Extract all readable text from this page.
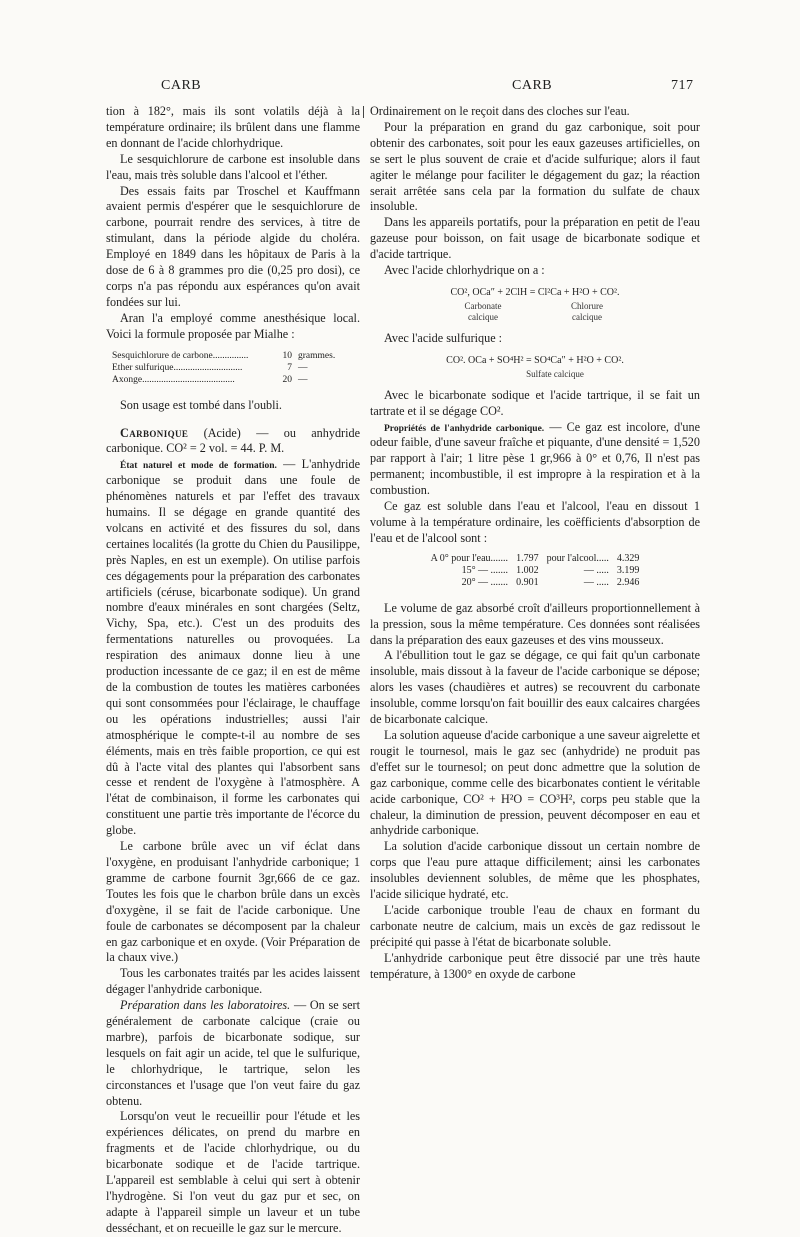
CARB	CARB	717

tion à 182°, mais ils sont volatils déjà à la température ordinaire; ils brûlent dans une flamme en donnant de l'acide chlorhydrique.

Le sesquichlorure de carbone est insoluble dans l'eau, mais très soluble dans l'alcool et l'éther.

Des essais faits par Troschel et Kauffmann avaient permis d'espérer que le sesquichlorure de carbone, pourrait rendre des services, à titre de stimulant, dans la période algide du choléra. Employé en 1849 dans les hôpitaux de Paris à la dose de 6 à 8 grammes pro die (0,25 pro dosi), ce corps n'a pas répondu aux espérances qu'on avait fondées sur lui.

Aran l'a employé comme anesthésique local. Voici la formule proposée par Mialhe :

Sesquichlorure de carbone...............	10 grammes.
Ether sulfurique.............................	7 —
Axonge.......................................	20 —

Son usage est tombé dans l'oubli.

Carbonique (Acide) — ou anhydride carbonique. CO² = 2 vol. = 44. P. M.

État naturel et mode de formation. — L'anhydride carbonique se produit dans une foule de phénomènes naturels et par l'effet des travaux humains. Il se dégage en grande quantité des volcans en activité et des fissures du sol, dans certaines localités (la grotte du Chien du Pausilippe, près Naples, en est un exemple). On utilise parfois ces dégagements pour la préparation des carbonates artificiels (céruse, bicarbonate sodique). Un grand nombre d'eaux minérales en sont chargées (Seltz, Vichy, Spa, etc.). C'est un des produits des fermentations naturelles ou provoquées. La respiration des animaux donne lieu à une production incessante de ce gaz; il en est de même de la combustion de toutes les matières carbonées qui sont consommées pour l'éclairage, le chauffage ou les opérations industrielles; aussi l'air atmosphérique le compte-t-il au nombre de ses éléments, mais en très faible proportion, ce qui est dû à l'acte vital des plantes qui l'absorbent sans cesse et rendent de l'oxygène à l'atmosphère. A l'état de combinaison, il forme les carbonates qui constituent une partie très importante de l'écorce du globe.

Le carbone brûle avec un vif éclat dans l'oxygène, en produisant l'anhydride carbonique; 1 gramme de carbone fournit 3gr,666 de ce gaz. Toutes les fois que le charbon brûle dans un excès d'oxygène, il se fait de l'acide carbonique. Une foule de carbonates se décomposent par la chaleur en gaz carbonique et en oxyde. (Voir Préparation de la chaux vive.)

Tous les carbonates traités par les acides laissent dégager l'anhydride carbonique.

Préparation dans les laboratoires. — On se sert généralement de carbonate calcique (craie ou marbre), parfois de bicarbonate sodique, sur lesquels on fait agir un acide, tel que le sulfurique, le chlorhydrique, le tartrique, selon les circonstances et l'usage que l'on veut faire du gaz obtenu.

Lorsqu'on veut le recueillir pour l'étude et les expériences délicates, on prend du marbre en fragments et de l'acide chlorhydrique, ou du bicarbonate sodique et de l'acide tartrique. L'appareil est semblable à celui qui sert à obtenir l'hydrogène. Si l'on veut du gaz pur et sec, on adapte à l'appareil simple un laveur et un tube desséchant, et on recueille le gaz sur le mercure.

Ordinairement on le reçoit dans des cloches sur l'eau.

Pour la préparation en grand du gaz carbonique, soit pour obtenir des carbonates, soit pour les eaux gazeuses artificielles, on se sert le plus souvent de craie et d'acide sulfurique; alors il faut agiter le mélange pour faciliter le dégagement du gaz; la réaction serait arrêtée sans cela par la formation du sulfate de chaux insoluble.

Dans les appareils portatifs, pour la préparation en petit de l'eau gazeuse pour boisson, on fait usage de bicarbonate sodique et d'acide tartrique.

Avec l'acide chlorhydrique on a :

CO², OCa″ + 2ClH = Cl²Ca + H²O + CO².
Carbonate calcique
Chlorure calcique

Avec l'acide sulfurique :

CO². OCa + SO⁴H² = SO⁴Ca″ + H²O + CO².
Sulfate calcique

Avec le bicarbonate sodique et l'acide tartrique, il se fait un tartrate et il se dégage CO².

Propriétés de l'anhydride carbonique. — Ce gaz est incolore, d'une odeur faible, d'une saveur fraîche et piquante, d'une densité = 1,520 par rapport à l'air; 1 litre pèse 1 gr,966 à 0° et 0,76, Il n'est pas permanent; incombustible, il est impropre à la respiration et à la combustion.

Ce gaz est soluble dans l'eau et l'alcool, l'eau en dissout 1 volume à la température ordinaire, les coëfficients d'absorption de l'eau et de l'alcool sont :

A 0° pour l'eau.......	1.797	pour l'alcool.....	4.329
15° — .......	1.002	— .....	3.199
20° — .......	0.901	— .....	2.946

Le volume de gaz absorbé croît d'ailleurs proportionnellement à la pression, sous la même température. Ces données sont réalisées dans la préparation des eaux gazeuses et des vins mousseux.

A l'ébullition tout le gaz se dégage, ce qui fait qu'un carbonate insoluble, mais dissout à la faveur de l'acide carbonique se dépose; alors les vases (chaudières et autres) se recouvrent du carbonate insoluble, comme lorsqu'on fait bouillir des eaux calcaires chargées de bicarbonate calcique.

La solution aqueuse d'acide carbonique a une saveur aigrelette et rougit le tournesol, mais le gaz sec (anhydride) ne produit pas d'effet sur le tournesol; on peut donc admettre que la solution de gaz carbonique, comme celle des bicarbonates contient le véritable acide carbonique, CO² + H²O = CO³H², corps peu stable que la chaleur, la diminution de pression, peuvent décomposer en eau et anhydride carbonique.

La solution d'acide carbonique dissout un certain nombre de corps que l'eau pure attaque difficilement; ainsi les carbonates insolubles deviennent solubles, de même que les phosphates, l'acide silicique hydraté, etc.

L'acide carbonique trouble l'eau de chaux en formant du carbonate neutre de calcium, mais un excès de gaz redissout le précipité qui passe à l'état de bicarbonate soluble.

L'anhydride carbonique peut être dissocié par une très haute température, à 1300° en oxyde de carbone
